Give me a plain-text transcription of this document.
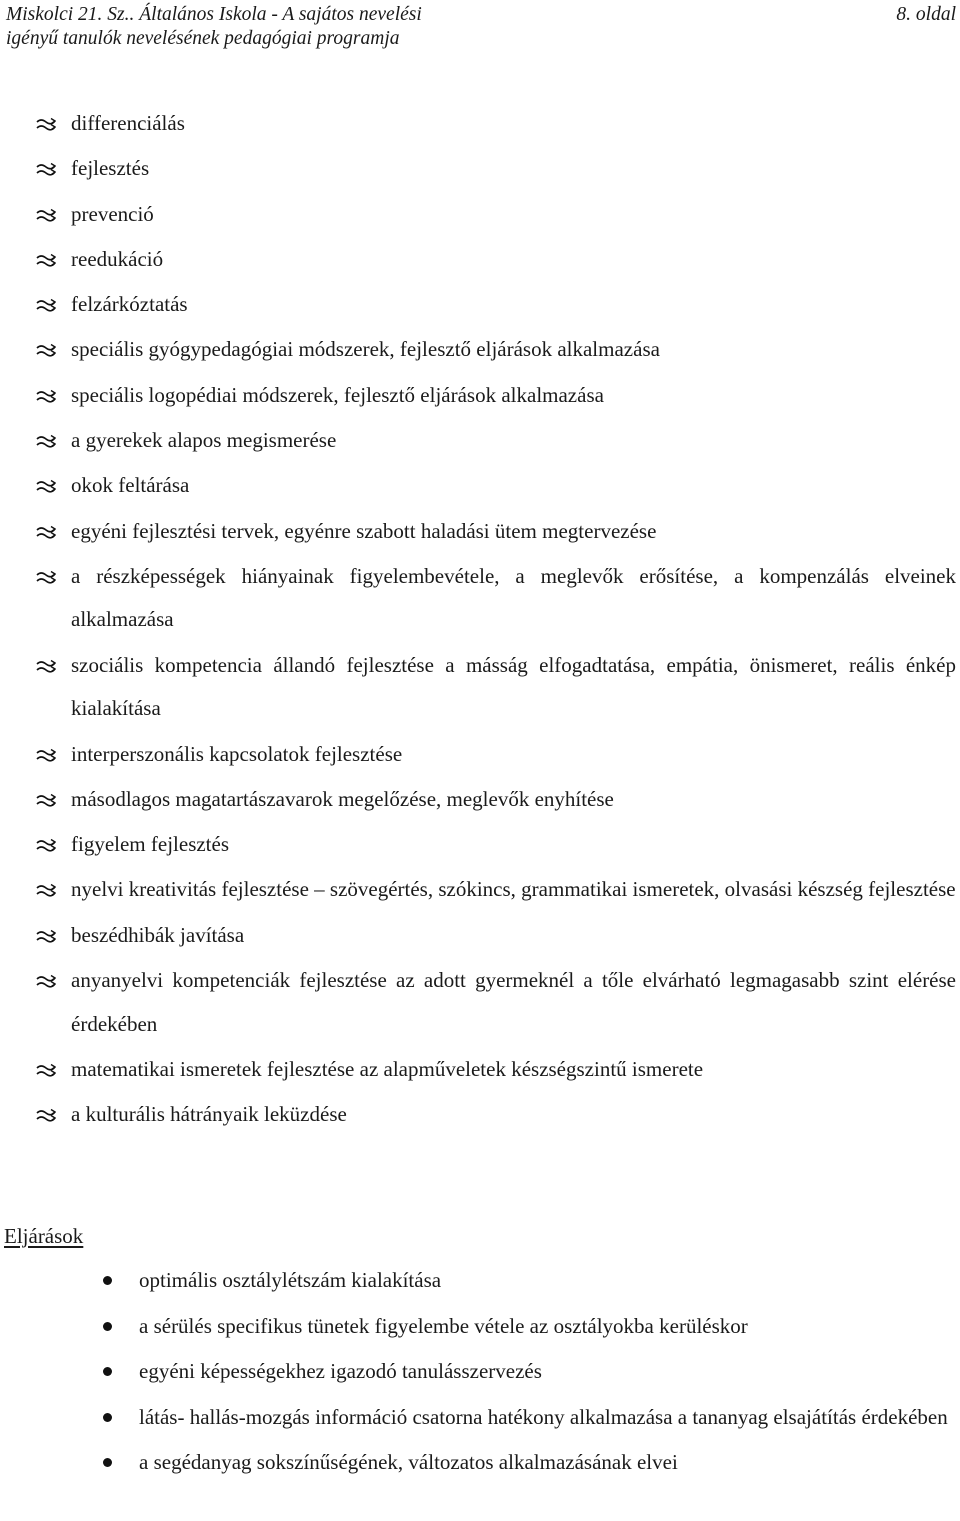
Miskolci 21. Sz.. Általános Iskola - A sajátos nevelési
igényű tanulók nevelésének pedagógiai programja
8. oldal
differenciálás
fejlesztés
prevenció
reedukáció
felzárkóztatás
speciális gyógypedagógiai módszerek, fejlesztő eljárások alkalmazása
speciális logopédiai módszerek, fejlesztő eljárások alkalmazása
a gyerekek alapos megismerése
okok feltárása
egyéni fejlesztési tervek, egyénre szabott haladási ütem megtervezése
a részképességek hiányainak figyelembevétele, a meglevők erősítése, a kompenzálás elveinek alkalmazása
szociális kompetencia állandó fejlesztése a másság elfogadtatása, empátia, önismeret, reális énkép kialakítása
interperszonális kapcsolatok fejlesztése
másodlagos magatartászavarok megelőzése, meglevők enyhítése
figyelem fejlesztés
nyelvi kreativitás fejlesztése – szövegértés, szókincs, grammatikai ismeretek, olvasási készség fejlesztése
beszédhibák javítása
anyanyelvi kompetenciák fejlesztése az adott gyermeknél a tőle elvárható legmagasabb szint elérése érdekében
matematikai ismeretek fejlesztése az alapműveletek készségszintű ismerete
a kulturális hátrányaik leküzdése
Eljárások
optimális osztálylétszám kialakítása
a sérülés specifikus tünetek figyelembe vétele az osztályokba kerüléskor
egyéni képességekhez igazodó tanulásszervezés
látás- hallás-mozgás információ csatorna hatékony alkalmazása a tananyag elsajátítás érdekében
a segédanyag sokszínűségének, változatos alkalmazásának elvei
